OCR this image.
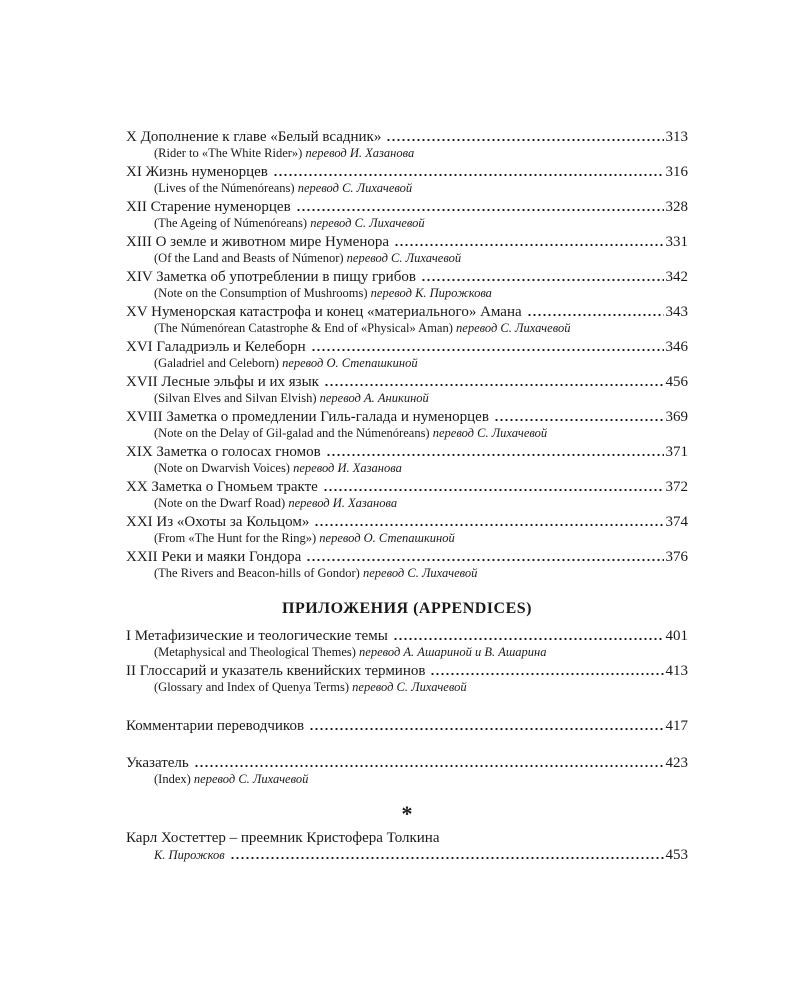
X Дополнение к главе «Белый всадник»	313
(Rider to «The White Rider») перевод И. Хазанова
XI Жизнь нуменорцев	316
(Lives of the Númenóreans) перевод С. Лихачевой
XII Старение нуменорцев	328
(The Ageing of Númenóreans) перевод С. Лихачевой
XIII О земле и животном мире Нуменора	331
(Of the Land and Beasts of Númenor) перевод С. Лихачевой
XIV Заметка об употреблении в пищу грибов	342
(Note on the Consumption of Mushrooms) перевод К. Пирожкова
XV Нуменорская катастрофа и конец «материального» Амана	343
(The Númenórean Catastrophe & End of «Physical» Aman) перевод С. Лихачевой
XVI Галадриэль и Келеборн	346
(Galadriel and Celeborn) перевод О. Степашкиной
XVII Лесные эльфы и их язык	456
(Silvan Elves and Silvan Elvish) перевод А. Аникиной
XVIII Заметка о промедлении Гиль-галада и нуменорцев	369
(Note on the Delay of Gil-galad and the Númenóreans) перевод С. Лихачевой
XIX Заметка о голосах гномов	371
(Note on Dwarvish Voices) перевод И. Хазанова
XX Заметка о Гномьем тракте	372
(Note on the Dwarf Road) перевод И. Хазанова
XXI Из «Охоты за Кольцом»	374
(From «The Hunt for the Ring») перевод О. Степашкиной
XXII Реки и маяки Гондора	376
(The Rivers and Beacon-hills of Gondor) перевод С. Лихачевой
ПРИЛОЖЕНИЯ (APPENDICES)
I Метафизические и теологические темы	401
(Metaphysical and Theological Themes) перевод А. Ашариной и В. Ашарина
II Глоссарий и указатель квенийских терминов	413
(Glossary and Index of Quenya Terms) перевод С. Лихачевой
Комментарии переводчиков	417
Указатель	423
(Index) перевод С. Лихачевой
*
Карл Хостеттер – преемник Кристофера Толкина
К. Пирожков	453
